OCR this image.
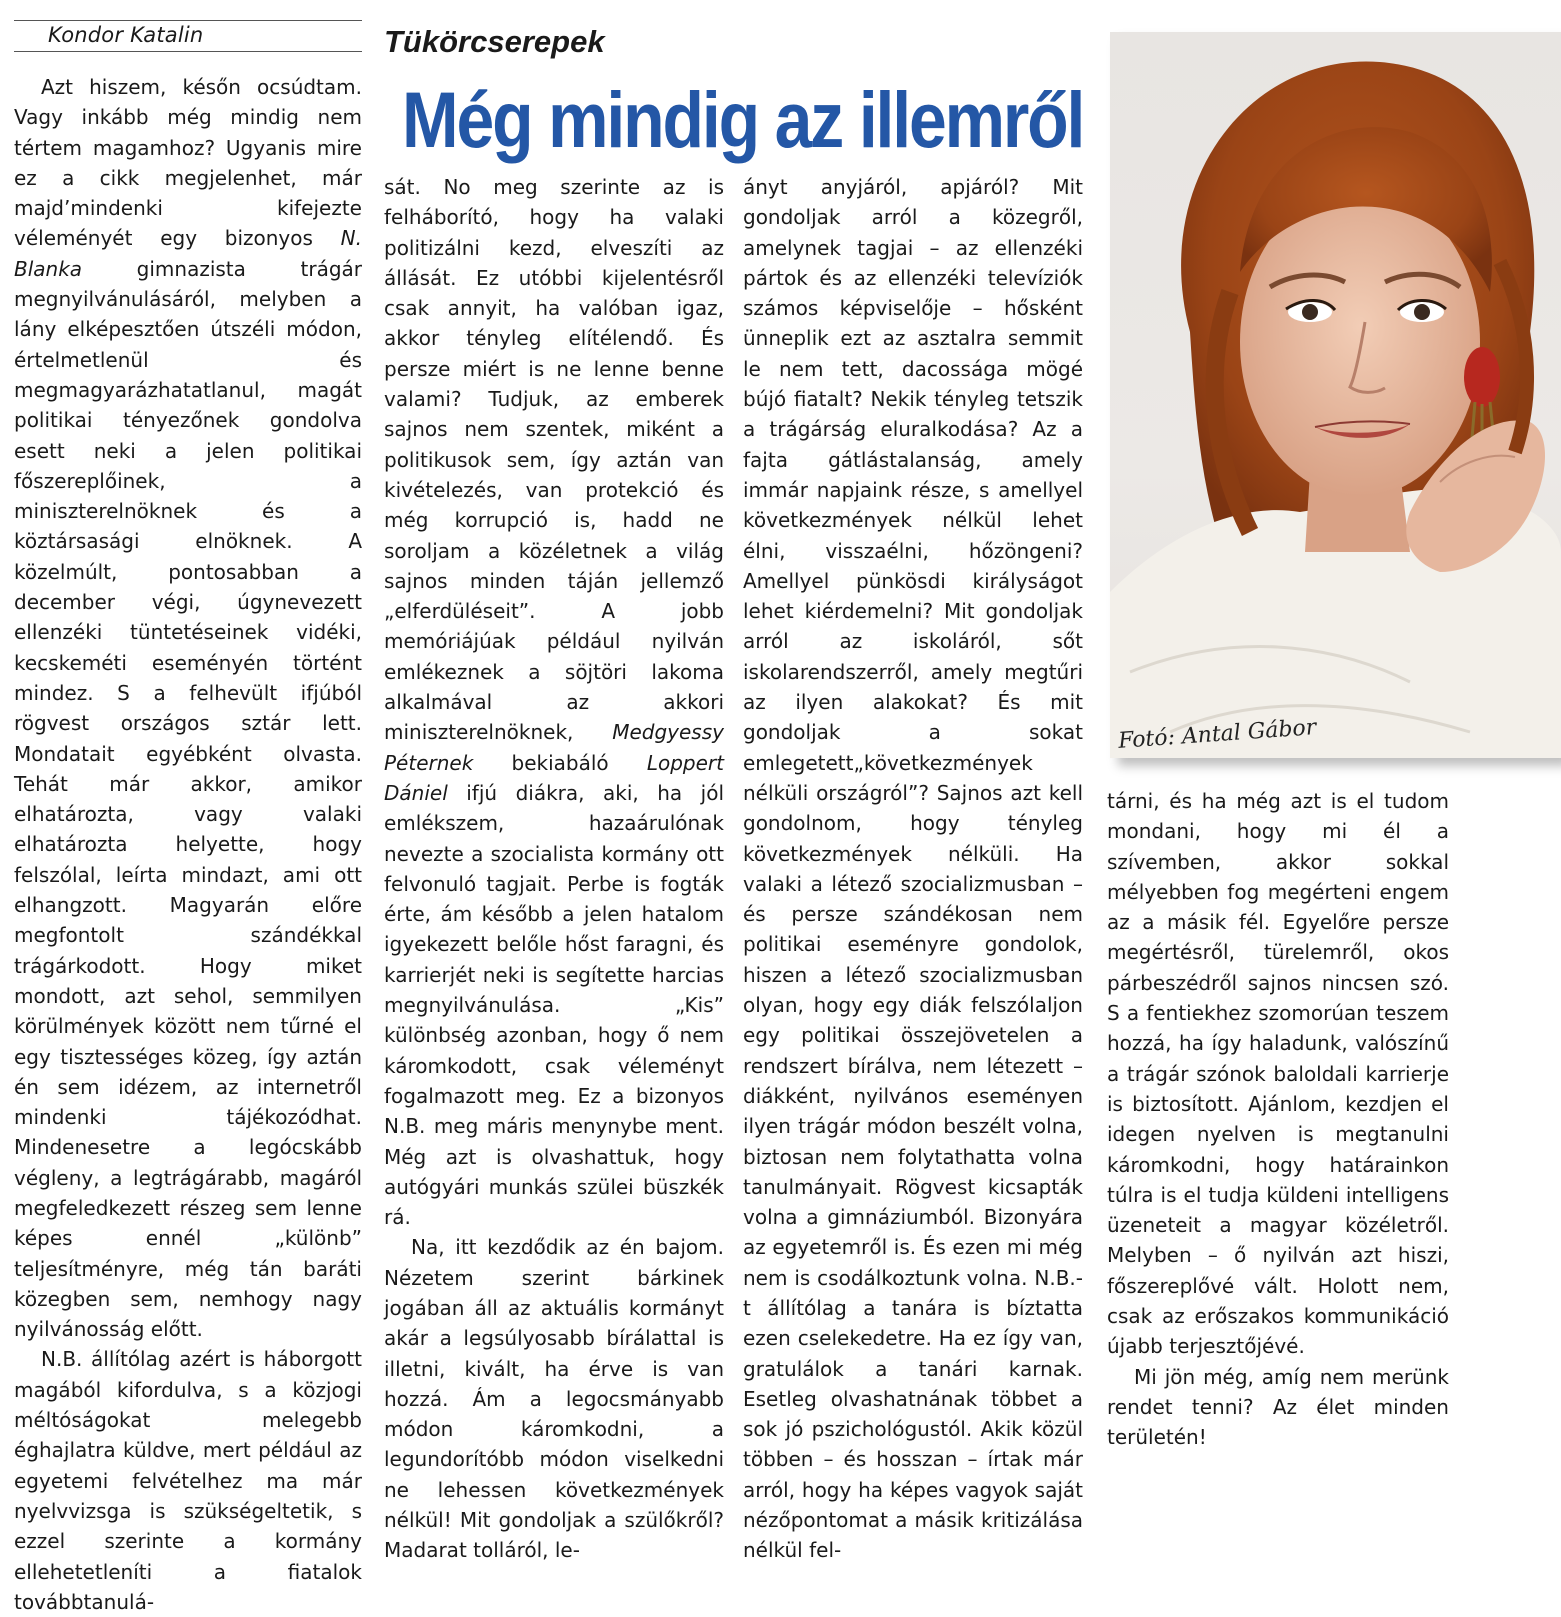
Kondor Katalin	Tükörcserepek
Még mindig az illemről

Azt hiszem, későn ocsúdtam. Vagy inkább még mindig nem tértem magamhoz? Ugyanis mire ez a cikk megjelenhet, már majd’mindenki kifejezte véleményét egy bizonyos N. Blanka gimnazista trágár megnyilvánulásáról, melyben a lány elképesztően útszéli módon, értelmetlenül és megmagyarázhatatlanul, magát politikai tényezőnek gondolva esett neki a jelen politikai főszereplőinek, a miniszterelnöknek és a köztársasági elnöknek. A közelmúlt, pontosabban a december végi, úgynevezett ellenzéki tüntetéseinek vidéki, kecskeméti eseményén történt mindez. S a felhevült ifjúból rögvest országos sztár lett. Mondatait egyébként olvasta. Tehát már akkor, amikor elhatározta, vagy valaki elhatározta helyette, hogy felszólal, leírta mindazt, ami ott elhangzott. Magyarán előre megfontolt szándékkal trágárkodott. Hogy miket mondott, azt sehol, semmilyen körülmények között nem tűrné el egy tisztességes közeg, így aztán én sem idézem, az internetről mindenki tájékozódhat. Mindenesetre a legócskább végleny, a legtrágárabb, magáról megfeledkezett részeg sem lenne képes ennél „különb” teljesítményre, még tán baráti közegben sem, nemhogy nagy nyilvánosság előtt.

N.B. állítólag azért is háborgott magából kifordulva, s a közjogi méltóságokat melegebb éghajlatra küldve, mert például az egyetemi felvételhez ma már nyelvvizsga is szükségeltetik, s ezzel szerinte a kormány ellehetetleníti a fiatalok továbbtanulá-

sát. No meg szerinte az is felháborító, hogy ha valaki politizálni kezd, elveszíti az állását. Ez utóbbi kijelentésről csak annyit, ha valóban igaz, akkor tényleg elítélendő. És persze miért is ne lenne benne valami? Tudjuk, az emberek sajnos nem szentek, miként a politikusok sem, így aztán van kivételezés, van protekció és még korrupció is, hadd ne soroljam a közéletnek a világ sajnos minden táján jellemző „elferdüléseit”. A jobb memóriájúak például nyilván emlékeznek a söjtöri lakoma alkalmával az akkori miniszterelnöknek, Medgyessy Péternek bekiabáló Loppert Dániel ifjú diákra, aki, ha jól emlékszem, hazaárulónak nevezte a szocialista kormány ott felvonuló tagjait. Perbe is fogták érte, ám később a jelen hatalom igyekezett belőle hőst faragni, és karrierjét neki is segítette harcias megnyilvánulása. „Kis” különbség azonban, hogy ő nem káromkodott, csak véleményt fogalmazott meg. Ez a bizonyos N.B. meg máris menynybe ment. Még azt is olvashattuk, hogy autógyári munkás szülei büszkék rá.

Na, itt kezdődik az én bajom. Nézetem szerint bárkinek jogában áll az aktuális kormányt akár a legsúlyosabb bírálattal is illetni, kivált, ha érve is van hozzá. Ám a legocsmányabb módon káromkodni, a legundorítóbb módon viselkedni ne lehessen következmények nélkül! Mit gondoljak a szülőkről? Madarat tolláról, le-

ányt anyjáról, apjáról? Mit gondoljak arról a közegről, amelynek tagjai – az ellenzéki pártok és az ellenzéki televíziók számos képviselője – hősként ünneplik ezt az asztalra semmit le nem tett, dacossága mögé bújó fiatalt? Nekik tényleg tetszik a trágárság eluralkodása? Az a fajta gátlástalanság, amely immár napjaink része, s amellyel következmények nélkül lehet élni, visszaélni, hőzöngeni? Amellyel pünkösdi királyságot lehet kiérdemelni? Mit gondoljak arról az iskoláról, sőt iskolarendszerről, amely megtűri az ilyen alakokat? És mit gondoljak a sokat emlegetett„következmények nélküli országról”? Sajnos azt kell gondolnom, hogy tényleg következmények nélküli. Ha valaki a létező szocializmusban – és persze szándékosan nem politikai eseményre gondolok, hiszen a létező szocializmusban olyan, hogy egy diák felszólaljon egy politikai összejövetelen a rendszert bírálva, nem létezett – diákként, nyilvános eseményen ilyen trágár módon beszélt volna, biztosan nem folytathatta volna tanulmányait. Rögvest kicsapták volna a gimnáziumból. Bizonyára az egyetemről is. És ezen mi még nem is csodálkoztunk volna. N.B.-t állítólag a tanára is bíztatta ezen cselekedetre. Ha ez így van, gratulálok a tanári karnak. Esetleg olvashatnának többet a sok jó pszichológustól. Akik közül többen – és hosszan – írtak már arról, hogy ha képes vagyok saját nézőpontomat a másik kritizálása nélkül fel-

tárni, és ha még azt is el tudom mondani, hogy mi él a szívemben, akkor sokkal mélyebben fog megérteni engem az a másik fél. Egyelőre persze megértésről, türelemről, okos párbeszédről sajnos nincsen szó. S a fentiekhez szomorúan teszem hozzá, ha így haladunk, valószínű a trágár szónok baloldali karrierje is biztosított. Ajánlom, kezdjen el idegen nyelven is megtanulni káromkodni, hogy határainkon túlra is el tudja küldeni intelligens üzeneteit a magyar közéletről. Melyben – ő nyilván azt hiszi, főszereplővé vált. Holott nem, csak az erőszakos kommunikáció újabb terjesztőjévé.

Mi jön még, amíg nem merünk rendet tenni? Az élet minden területén!

Fotó: Antal Gábor
